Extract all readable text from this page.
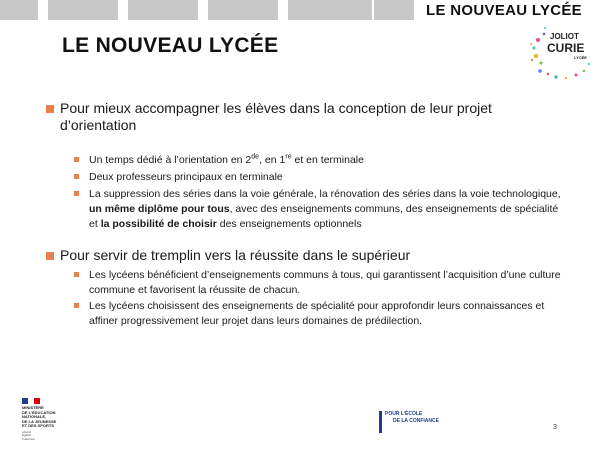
LE NOUVEAU LYCÉE
LE NOUVEAU LYCÉE	JOLIOT
CURIE
LYCÉE
Pour mieux accompagner les élèves dans la conception de leur projet d’orientation
Un temps dédié à l’orientation en 2de, en 1re et en terminale
Deux professeurs principaux en terminale
La suppression des séries dans la voie générale, la rénovation des séries dans la voie technologique, un même diplôme pour tous, avec des enseignements communs, des enseignements de spécialité et la possibilité de choisir des enseignements optionnels
Pour servir de tremplin vers la réussite dans le supérieur
Les lycéens bénéficient d’enseignements communs à tous, qui garantissent l’acquisition d’une culture commune et favorisent la réussite de chacun.
Les lycéens choisissent des enseignements de spécialité pour approfondir leurs connaissances et affiner progressivement leur projet dans leurs domaines de prédilection.
MINISTÈRE
DE L’ÉDUCATION
NATIONALE,
DE LA JEUNESSE
ET DES SPORTS
Liberté
Égalité
Fraternité
POUR L’ÉCOLE
DE LA CONFIANCE
3
